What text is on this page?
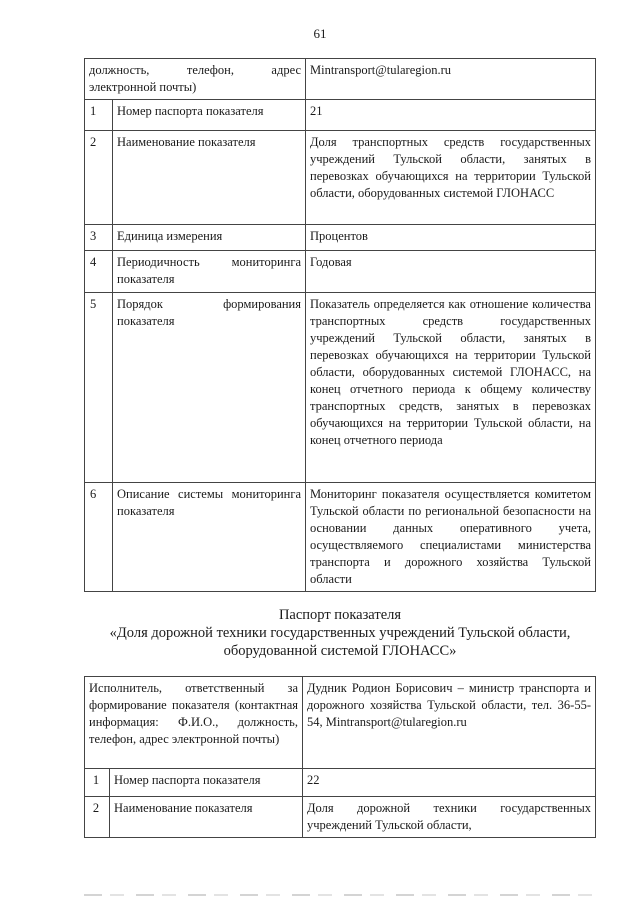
61
должность, телефон, адрес электронной почты)		Mintransport@tularegion.ru
1	Номер паспорта показателя	21
2	Наименование показателя	Доля транспортных средств государственных учреждений Тульской области, занятых в перевозках обучающихся на территории Тульской области, оборудованных системой ГЛОНАСС
3	Единица измерения	Процентов
4	Периодичность мониторинга показателя	Годовая
5	Порядок формирования показателя	Показатель определяется как отношение количества транспортных средств государственных учреждений Тульской области, занятых в перевозках обучающихся на территории Тульской области, оборудованных системой ГЛОНАСС, на конец отчетного периода к общему количеству транспортных средств, занятых в перевозках обучающихся на территории Тульской области, на конец отчетного периода
6	Описание системы мониторинга показателя	Мониторинг показателя осуществляется комитетом Тульской области по региональной безопасности на основании данных оперативного учета, осуществляемого специалистами министерства транспорта и дорожного хозяйства Тульской области
Паспорт показателя
«Доля дорожной техники государственных учреждений Тульской области,
оборудованной системой ГЛОНАСС»
Исполнитель, ответственный за формирование показателя (контактная информация: Ф.И.О., должность, телефон, адрес электронной почты)		Дудник Родион Борисович – министр транспорта и дорожного хозяйства Тульской области, тел. 36-55-54, Mintransport@tularegion.ru
1	Номер паспорта показателя	22
2	Наименование показателя	Доля дорожной техники государственных учреждений Тульской области,
